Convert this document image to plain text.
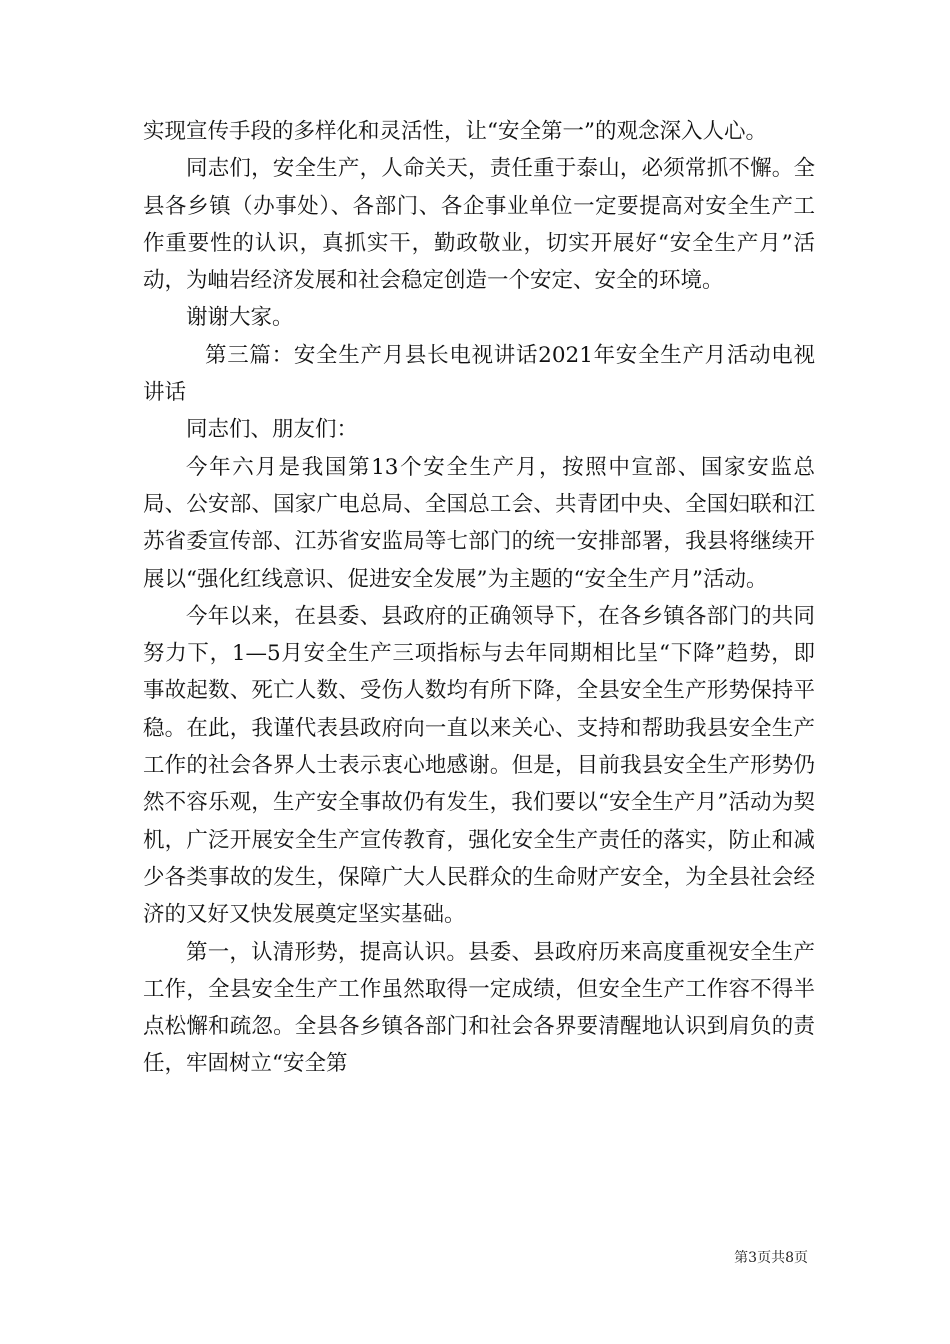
实现宣传手段的多样化和灵活性，让“安全第一”的观念深入人心。

同志们，安全生产，人命关天，责任重于泰山，必须常抓不懈。全县各乡镇（办事处）、各部门、各企事业单位一定要提高对安全生产工作重要性的认识，真抓实干，勤政敬业，切实开展好“安全生产月”活动，为岫岩经济发展和社会稳定创造一个安定、安全的环境。

谢谢大家。

第三篇：安全生产月县长电视讲话2021年安全生产月活动电视讲话

同志们、朋友们：

今年六月是我国第13个安全生产月，按照中宣部、国家安监总局、公安部、国家广电总局、全国总工会、共青团中央、全国妇联和江苏省委宣传部、江苏省安监局等七部门的统一安排部署，我县将继续开展以“强化红线意识、促进安全发展”为主题的“安全生产月”活动。

今年以来，在县委、县政府的正确领导下，在各乡镇各部门的共同努力下，1—5月安全生产三项指标与去年同期相比呈“下降”趋势，即事故起数、死亡人数、受伤人数均有所下降，全县安全生产形势保持平稳。在此，我谨代表县政府向一直以来关心、支持和帮助我县安全生产工作的社会各界人士表示衷心地感谢。但是，目前我县安全生产形势仍然不容乐观，生产安全事故仍有发生，我们要以“安全生产月”活动为契机，广泛开展安全生产宣传教育，强化安全生产责任的落实，防止和减少各类事故的发生，保障广大人民群众的生命财产安全，为全县社会经济的又好又快发展奠定坚实基础。

第一，认清形势，提高认识。县委、县政府历来高度重视安全生产工作，全县安全生产工作虽然取得一定成绩，但安全生产工作容不得半点松懈和疏忽。全县各乡镇各部门和社会各界要清醒地认识到肩负的责任，牢固树立“安全第

第3页共8页
